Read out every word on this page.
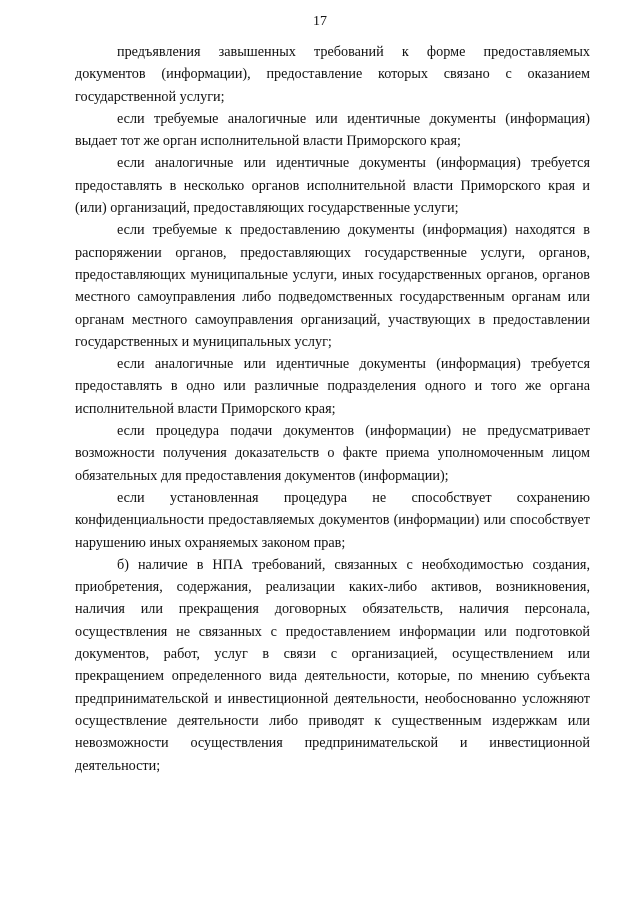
17

предъявления завышенных требований к форме предоставляемых документов (информации), предоставление которых связано с оказанием государственной услуги;

если требуемые аналогичные или идентичные документы (информация) выдает тот же орган исполнительной власти Приморского края;

если аналогичные или идентичные документы (информация) требуется предоставлять в несколько органов исполнительной власти Приморского края и (или) организаций, предоставляющих государственные услуги;

если требуемые к предоставлению документы (информация) находятся в распоряжении органов, предоставляющих государственные услуги, органов, предоставляющих муниципальные услуги, иных государственных органов, органов местного самоуправления либо подведомственных государственным органам или органам местного самоуправления организаций, участвующих в предоставлении государственных и муниципальных услуг;

если аналогичные или идентичные документы (информация) требуется предоставлять в одно или различные подразделения одного и того же органа исполнительной власти Приморского края;

если процедура подачи документов (информации) не предусматривает возможности получения доказательств о факте приема уполномоченным лицом обязательных для предоставления документов (информации);

если установленная процедура не способствует сохранению конфиденциальности предоставляемых документов (информации) или способствует нарушению иных охраняемых законом прав;

б) наличие в НПА требований, связанных с необходимостью создания, приобретения, содержания, реализации каких-либо активов, возникновения, наличия или прекращения договорных обязательств, наличия персонала, осуществления не связанных с предоставлением информации или подготовкой документов, работ, услуг в связи с организацией, осуществлением или прекращением определенного вида деятельности, которые, по мнению субъекта предпринимательской и инвестиционной деятельности, необоснованно усложняют осуществление деятельности либо приводят к существенным издержкам или невозможности осуществления предпринимательской и инвестиционной деятельности;
